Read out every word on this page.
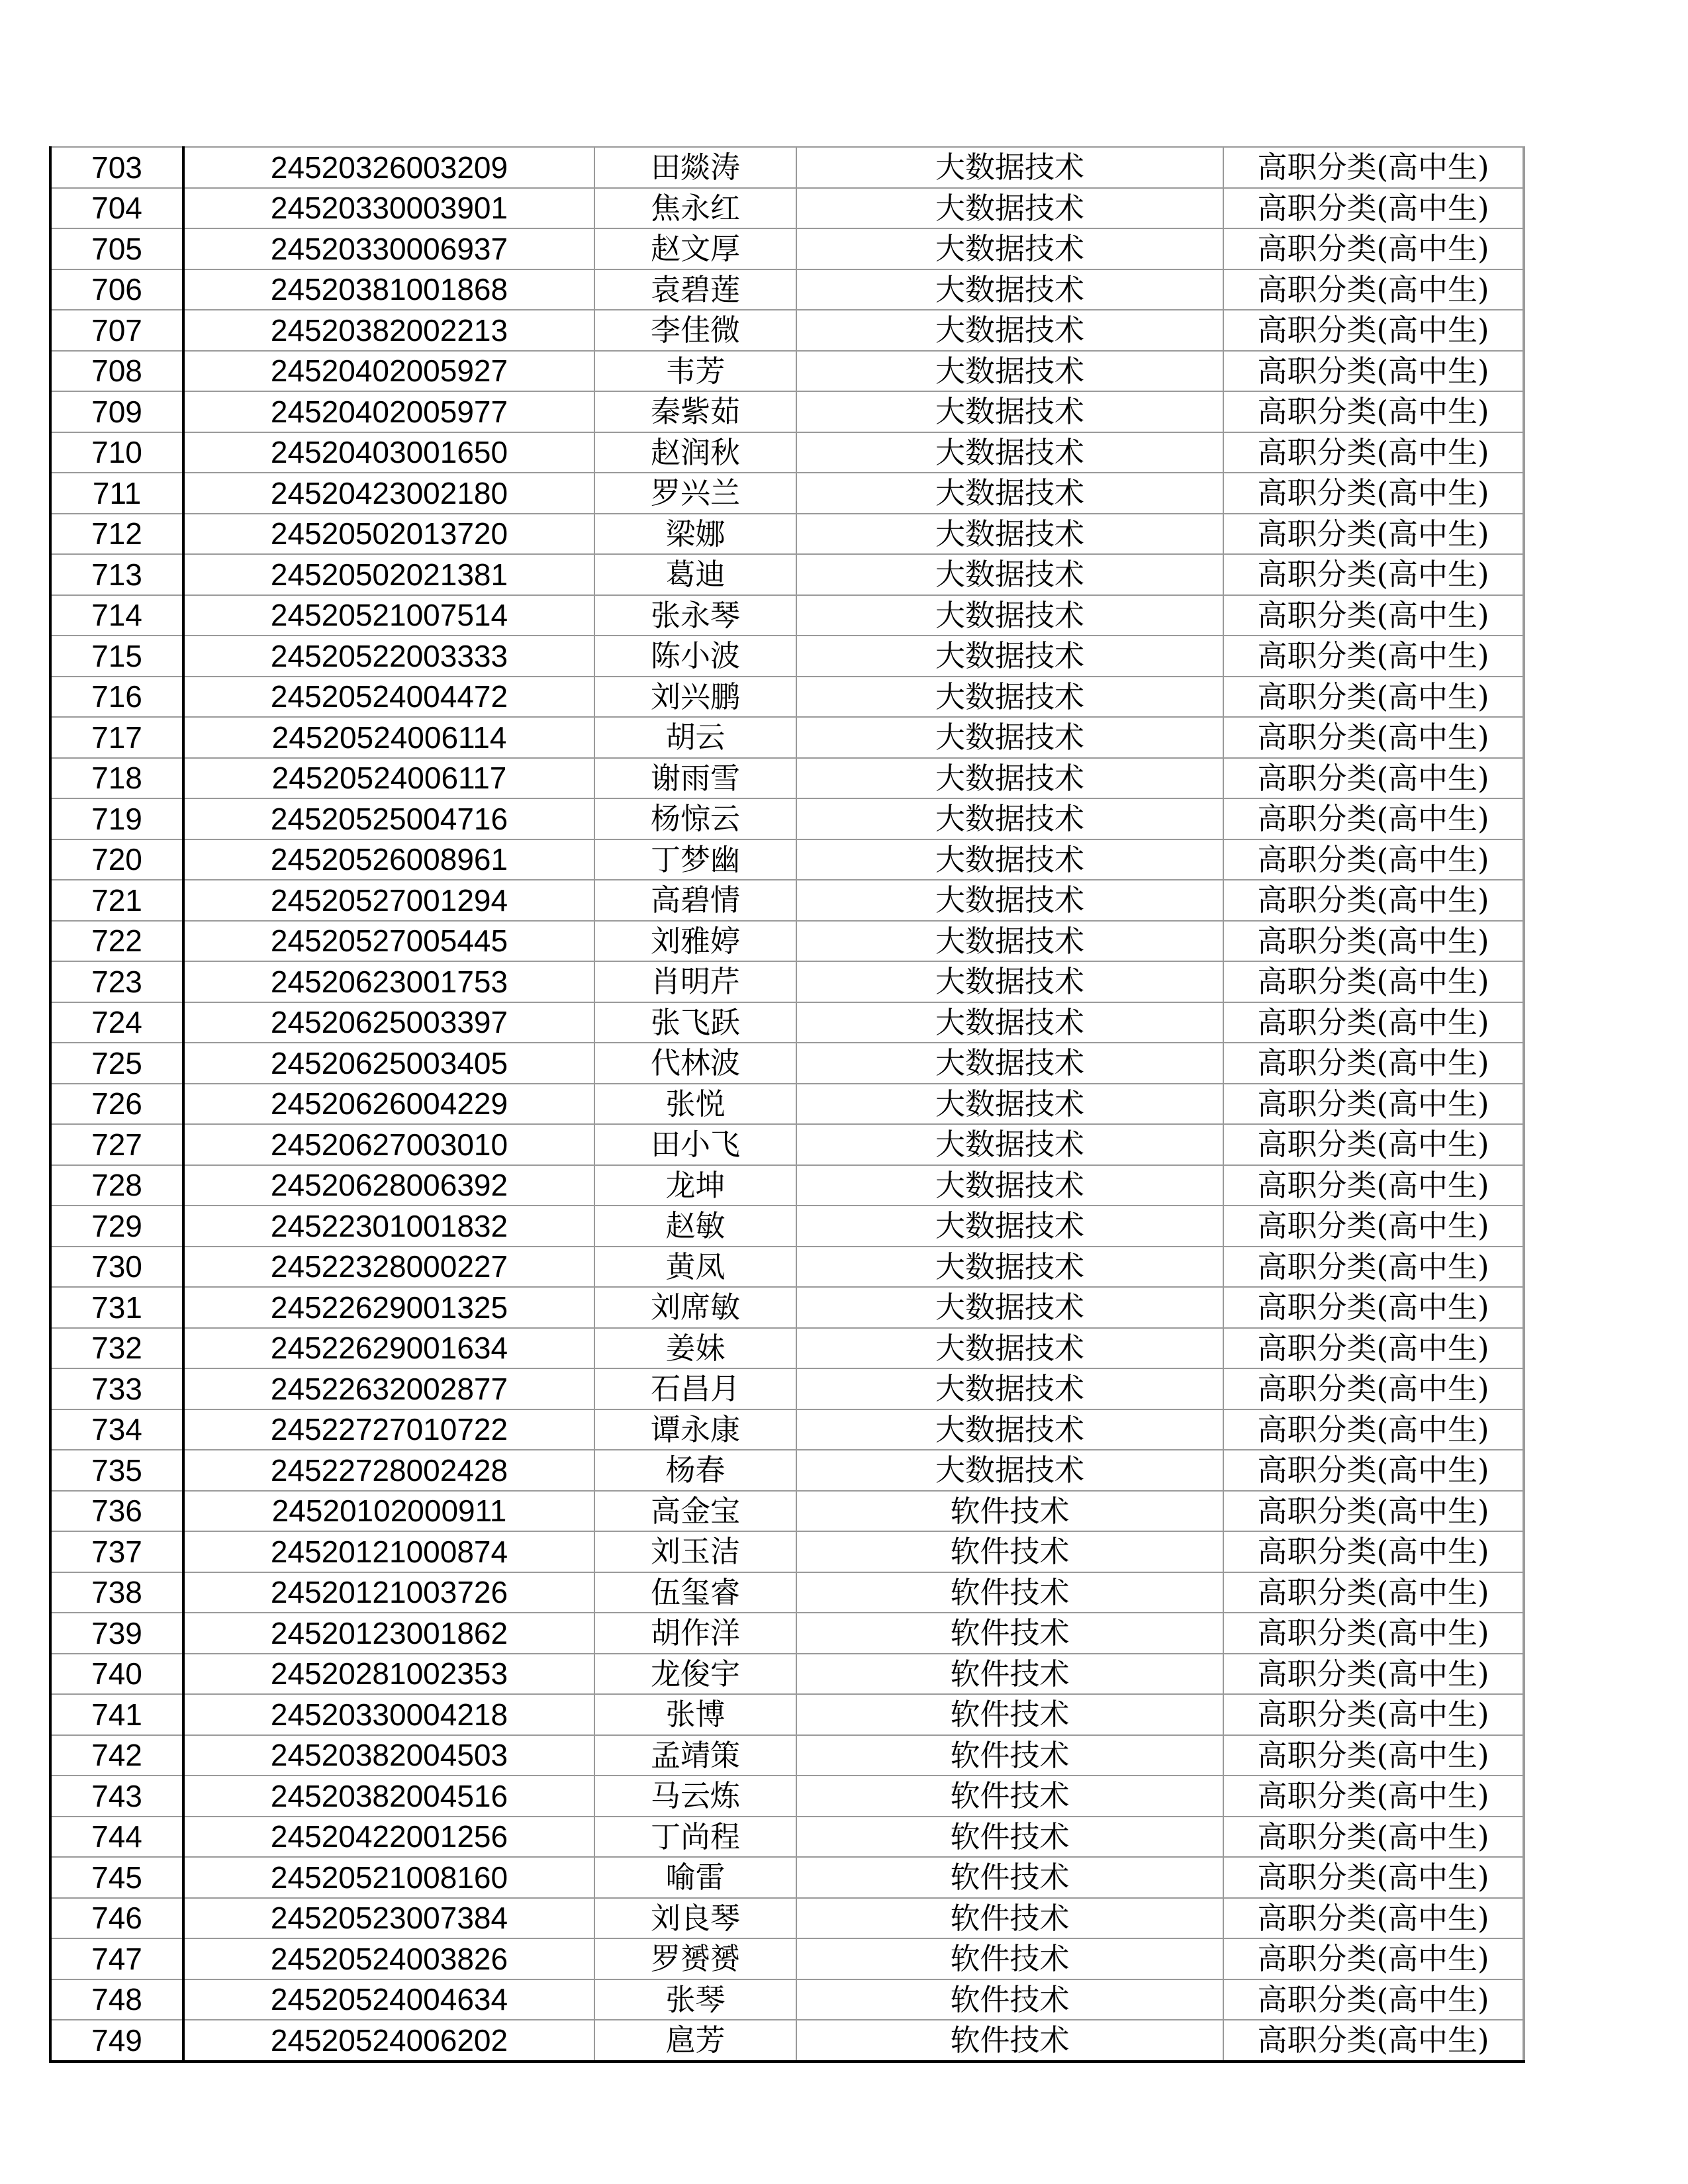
703	24520326003209	田燚涛	大数据技术	高职分类(高中生)
704	24520330003901	焦永红	大数据技术	高职分类(高中生)
705	24520330006937	赵文厚	大数据技术	高职分类(高中生)
706	24520381001868	袁碧莲	大数据技术	高职分类(高中生)
707	24520382002213	李佳微	大数据技术	高职分类(高中生)
708	24520402005927	韦芳	大数据技术	高职分类(高中生)
709	24520402005977	秦紫茹	大数据技术	高职分类(高中生)
710	24520403001650	赵润秋	大数据技术	高职分类(高中生)
711	24520423002180	罗兴兰	大数据技术	高职分类(高中生)
712	24520502013720	梁娜	大数据技术	高职分类(高中生)
713	24520502021381	葛迪	大数据技术	高职分类(高中生)
714	24520521007514	张永琴	大数据技术	高职分类(高中生)
715	24520522003333	陈小波	大数据技术	高职分类(高中生)
716	24520524004472	刘兴鹏	大数据技术	高职分类(高中生)
717	24520524006114	胡云	大数据技术	高职分类(高中生)
718	24520524006117	谢雨雪	大数据技术	高职分类(高中生)
719	24520525004716	杨惊云	大数据技术	高职分类(高中生)
720	24520526008961	丁梦幽	大数据技术	高职分类(高中生)
721	24520527001294	高碧情	大数据技术	高职分类(高中生)
722	24520527005445	刘雅婷	大数据技术	高职分类(高中生)
723	24520623001753	肖明芹	大数据技术	高职分类(高中生)
724	24520625003397	张飞跃	大数据技术	高职分类(高中生)
725	24520625003405	代林波	大数据技术	高职分类(高中生)
726	24520626004229	张悦	大数据技术	高职分类(高中生)
727	24520627003010	田小飞	大数据技术	高职分类(高中生)
728	24520628006392	龙坤	大数据技术	高职分类(高中生)
729	24522301001832	赵敏	大数据技术	高职分类(高中生)
730	24522328000227	黄凤	大数据技术	高职分类(高中生)
731	24522629001325	刘席敏	大数据技术	高职分类(高中生)
732	24522629001634	姜妹	大数据技术	高职分类(高中生)
733	24522632002877	石昌月	大数据技术	高职分类(高中生)
734	24522727010722	谭永康	大数据技术	高职分类(高中生)
735	24522728002428	杨春	大数据技术	高职分类(高中生)
736	24520102000911	高金宝	软件技术	高职分类(高中生)
737	24520121000874	刘玉洁	软件技术	高职分类(高中生)
738	24520121003726	伍玺睿	软件技术	高职分类(高中生)
739	24520123001862	胡作洋	软件技术	高职分类(高中生)
740	24520281002353	龙俊宇	软件技术	高职分类(高中生)
741	24520330004218	张博	软件技术	高职分类(高中生)
742	24520382004503	孟靖策	软件技术	高职分类(高中生)
743	24520382004516	马云炼	软件技术	高职分类(高中生)
744	24520422001256	丁尚程	软件技术	高职分类(高中生)
745	24520521008160	喻雷	软件技术	高职分类(高中生)
746	24520523007384	刘良琴	软件技术	高职分类(高中生)
747	24520524003826	罗赟赟	软件技术	高职分类(高中生)
748	24520524004634	张琴	软件技术	高职分类(高中生)
749	24520524006202	扈芳	软件技术	高职分类(高中生)
